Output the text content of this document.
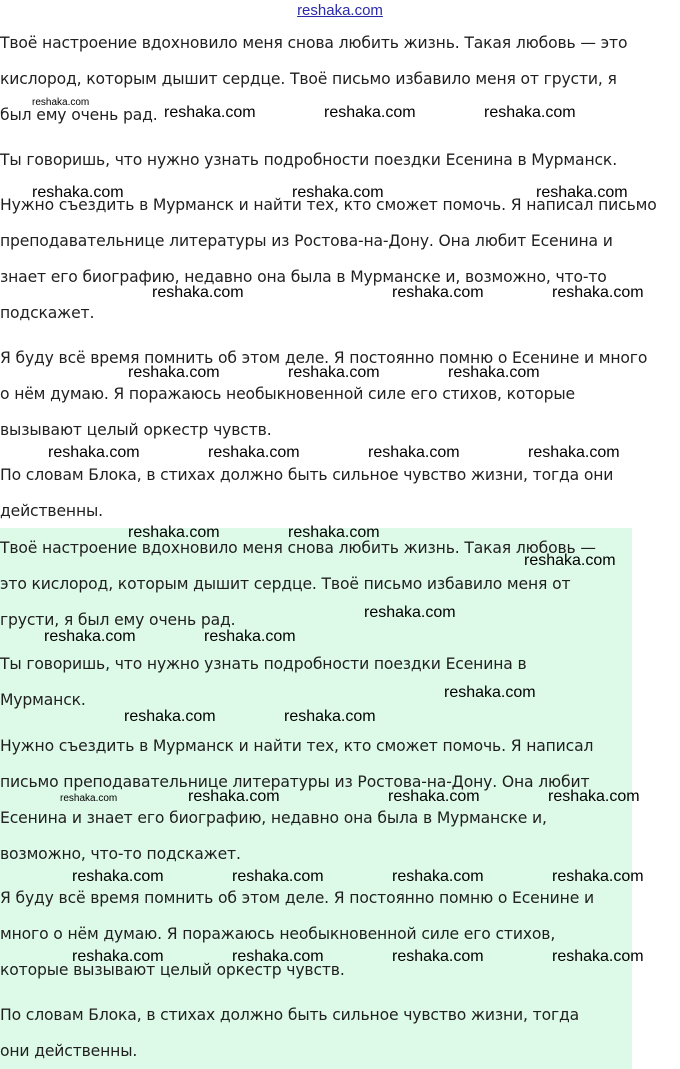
reshaka.com
Твоё настроение вдохновило меня снова любить жизнь. Такая любовь — это
кислород, которым дышит сердце. Твоё письмо избавило меня от грусти, я
был ему очень рад.
Ты говоришь, что нужно узнать подробности поездки Есенина в Мурманск.
Нужно съездить в Мурманск и найти тех, кто сможет помочь. Я написал письмо
преподавательнице литературы из Ростова-на-Дону. Она любит Есенина и
знает его биографию, недавно она была в Мурманске и, возможно, что-то
подскажет.
Я буду всё время помнить об этом деле. Я постоянно помню о Есенине и много
о нём думаю. Я поражаюсь необыкновенной силе его стихов, которые
вызывают целый оркестр чувств.
По словам Блока, в стихах должно быть сильное чувство жизни, тогда они
действенны.
Твоё настроение вдохновило меня снова любить жизнь. Такая любовь —
это кислород, которым дышит сердце. Твоё письмо избавило меня от
грусти, я был ему очень рад.
Ты говоришь, что нужно узнать подробности поездки Есенина в
Мурманск.
Нужно съездить в Мурманск и найти тех, кто сможет помочь. Я написал
письмо преподавательнице литературы из Ростова-на-Дону. Она любит
Есенина и знает его биографию, недавно она была в Мурманске и,
возможно, что-то подскажет.
Я буду всё время помнить об этом деле. Я постоянно помню о Есенине и
много о нём думаю. Я поражаюсь необыкновенной силе его стихов,
которые вызывают целый оркестр чувств.
По словам Блока, в стихах должно быть сильное чувство жизни, тогда
они действенны.
reshaka.com
reshaka.com	reshaka.com	reshaka.com
reshaka.com	reshaka.com	reshaka.com
reshaka.com	reshaka.com	reshaka.com
reshaka.com	reshaka.com	reshaka.com
reshaka.com	reshaka.com	reshaka.com	reshaka.com
reshaka.com	reshaka.com
reshaka.com
reshaka.com
reshaka.com	reshaka.com
reshaka.com
reshaka.com	reshaka.com
reshaka.com	reshaka.com	reshaka.com	reshaka.com
reshaka.com	reshaka.com	reshaka.com	reshaka.com
reshaka.com	reshaka.com	reshaka.com	reshaka.com
